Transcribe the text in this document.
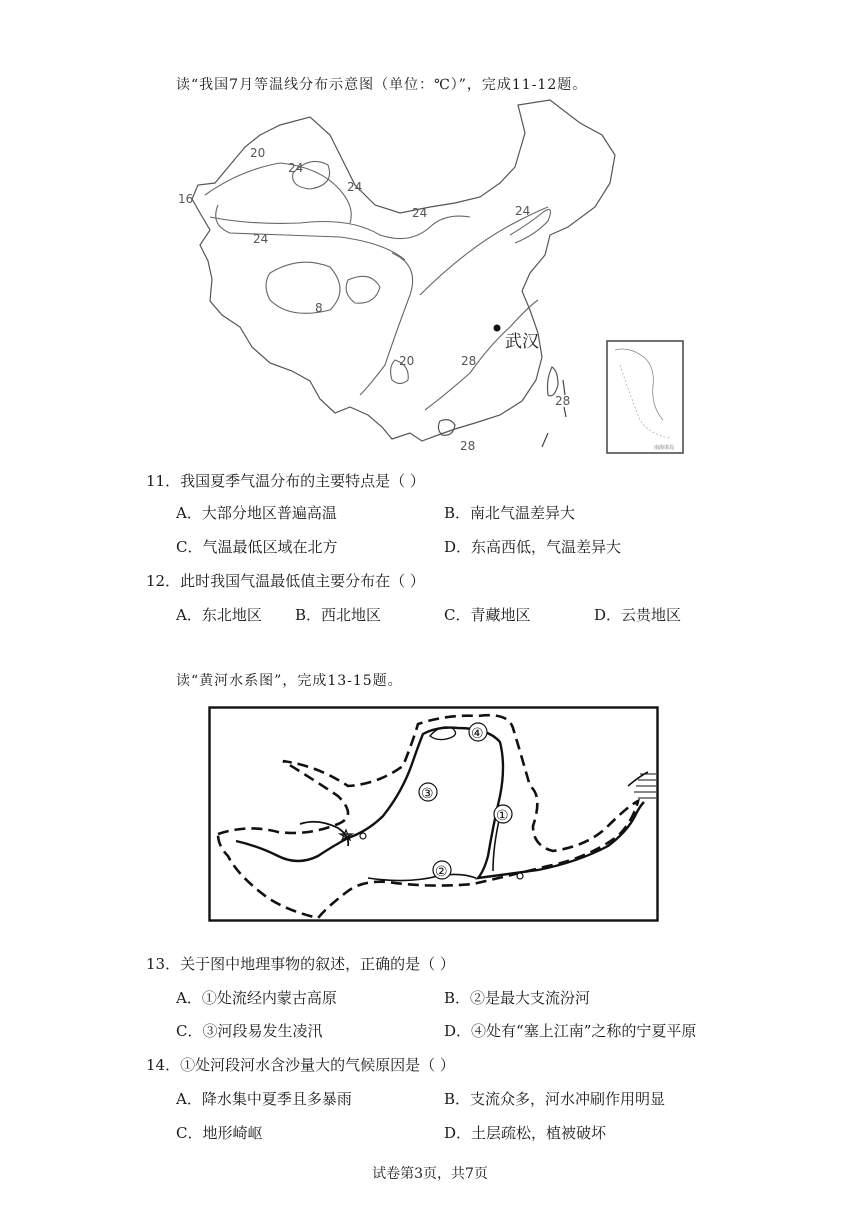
读“我国7月等温线分布示意图（单位：℃）”，完成11-12题。
20
24
24
16
24	24
24
8
20	28
28
28
武汉
南海诸岛
11．我国夏季气温分布的主要特点是（ ）
A．大部分地区普遍高温	B．南北气温差异大
C．气温最低区域在北方	D．东高西低，气温差异大
12．此时我国气温最低值主要分布在（ ）
A．东北地区 B．西北地区	C．青藏地区	D．云贵地区
读“黄河水系图”，完成13-15题。
①
②
③
④
13．关于图中地理事物的叙述，正确的是（ ）
A．①处流经内蒙古高原	B．②是最大支流汾河
C．③河段易发生凌汛	D．④处有“塞上江南”之称的宁夏平原
14．①处河段河水含沙量大的气候原因是（ ）
A．降水集中夏季且多暴雨	B．支流众多，河水冲刷作用明显
C．地形崎岖	D．土层疏松，植被破坏
试卷第3页，共7页
